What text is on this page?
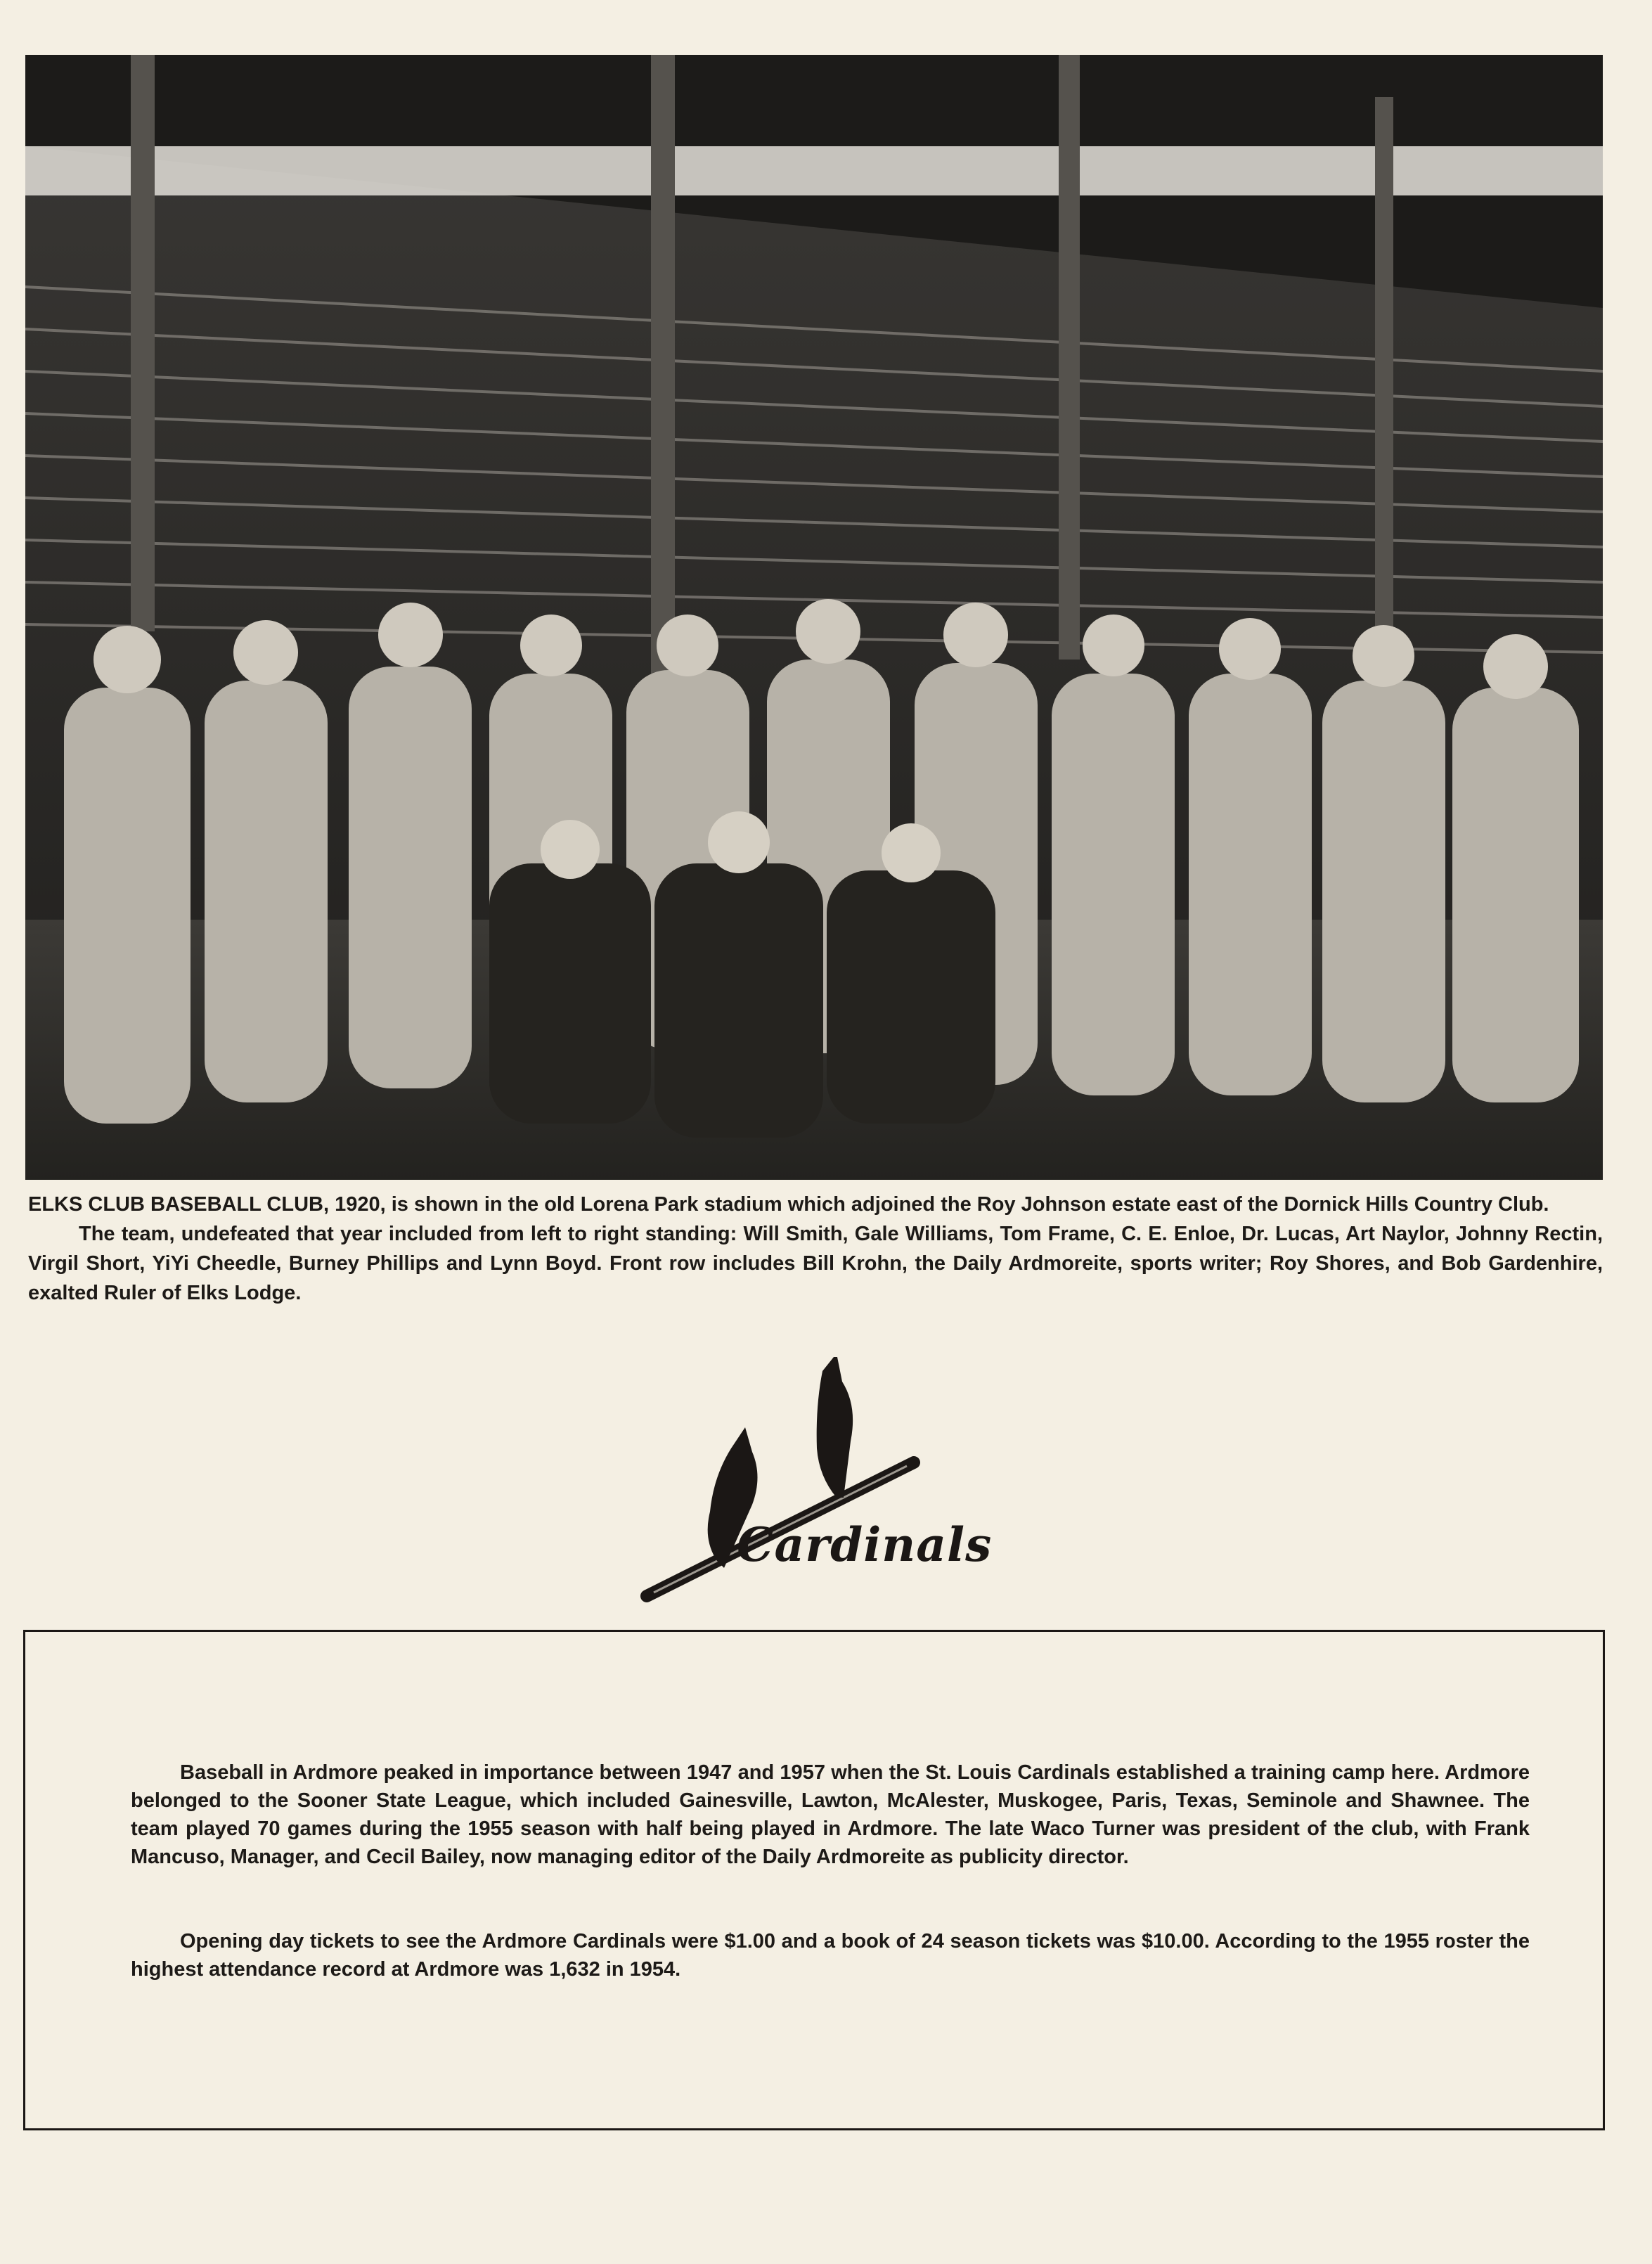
ELKS CLUB BASEBALL CLUB, 1920, is shown in the old Lorena Park stadium which adjoined the Roy Johnson estate east of the Dornick Hills Country Club.

The team, undefeated that year included from left to right standing: Will Smith, Gale Williams, Tom Frame, C. E. Enloe, Dr. Lucas, Art Naylor, Johnny Rectin, Virgil Short, YiYi Cheedle, Burney Phillips and Lynn Boyd. Front row includes Bill Krohn, the Daily Ardmoreite, sports writer; Roy Shores, and Bob Gardenhire, exalted Ruler of Elks Lodge.

Cardinals

Baseball in Ardmore peaked in importance between 1947 and 1957 when the St. Louis Cardinals established a training camp here. Ardmore belonged to the Sooner State League, which included Gainesville, Lawton, McAlester, Muskogee, Paris, Texas, Seminole and Shawnee. The team played 70 games during the 1955 season with half being played in Ardmore. The late Waco Turner was president of the club, with Frank Mancuso, Manager, and Cecil Bailey, now managing editor of the Daily Ardmoreite as publicity director.

Opening day tickets to see the Ardmore Cardinals were $1.00 and a book of 24 season tickets was $10.00. According to the 1955 roster the highest attendance record at Ardmore was 1,632 in 1954.
